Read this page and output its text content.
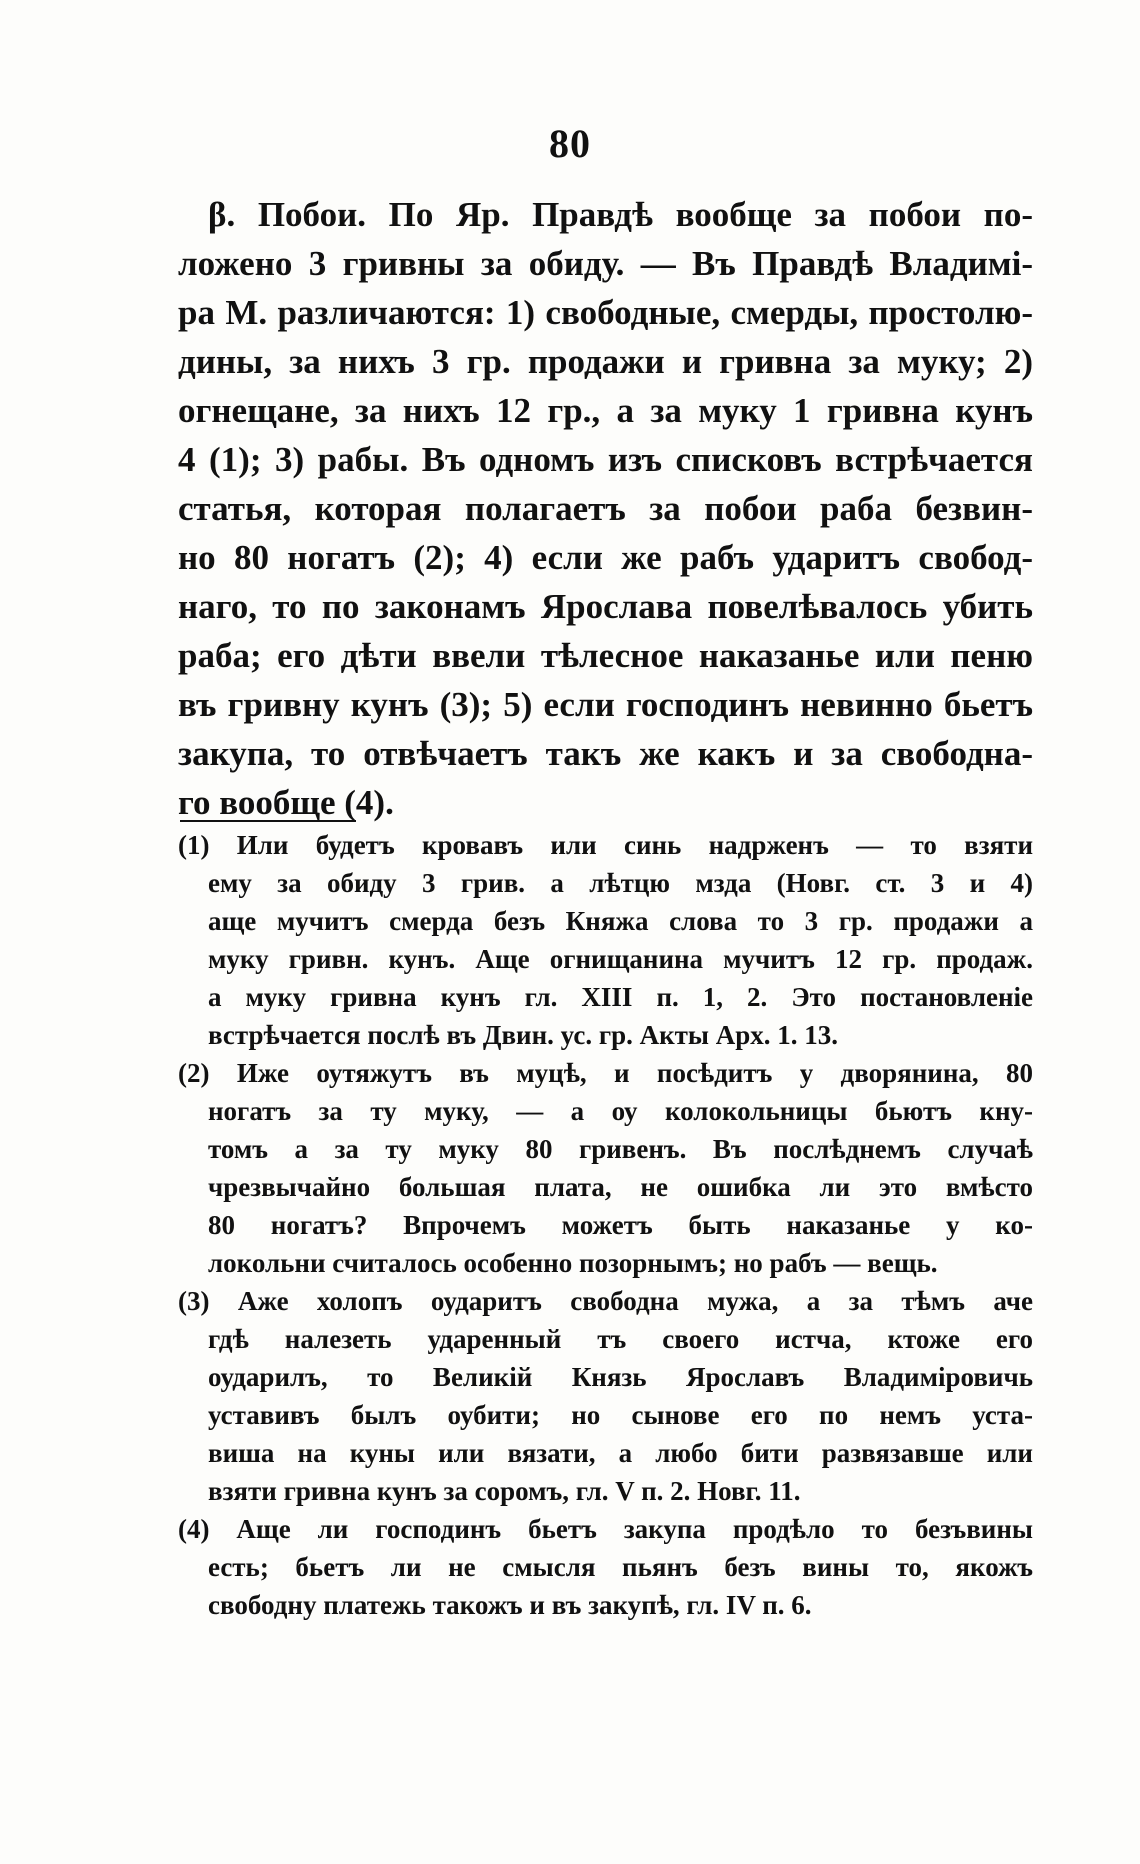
80
β. Побои. По Яр. Правдѣ вообще за побои по-
ложено 3 гривны за обиду. — Въ Правдѣ Владимі-
ра М. различаются: 1) свободные, смерды, простолю-
дины, за нихъ 3 гр. продажи и гривна за муку; 2)
огнещане, за нихъ 12 гр., а за муку 1 гривна кунъ
4 (1); 3) рабы. Въ одномъ изъ списковъ встрѣчается
статья, которая полагаетъ за побои раба безвин-
но 80 ногатъ (2); 4) если же рабъ ударитъ свобод-
наго, то по законамъ Ярослава повелѣвалось убить
раба; его дѣти ввели тѣлесное наказанье или пеню
въ гривну кунъ (3); 5) если господинъ невинно бьетъ
закупа, то отвѣчаетъ такъ же какъ и за свободна-
го вообще (4).
(1) Или будетъ кровавъ или синь надрженъ — то взяти
ему за обиду 3 грив. а лѣтцю мзда (Новг. ст. 3 и 4)
аще мучитъ смерда безъ Княжа слова то 3 гр. продажи а
муку гривн. кунъ. Аще огнищанина мучитъ 12 гр. продаж.
а муку гривна кунъ гл. XIII п. 1, 2. Это постановленіе
встрѣчается послѣ въ Двин. ус. гр. Акты Арх. 1. 13.
(2) Иже оутяжутъ въ муцѣ, и посѣдитъ у дворянина, 80
ногатъ за ту муку, — а оу колокольницы бьютъ кну-
томъ а за ту муку 80 гривенъ. Въ послѣднемъ случаѣ
чрезвычайно большая плата, не ошибка ли это вмѣсто
80 ногатъ? Впрочемъ можетъ быть наказанье у ко-
локольни считалось особенно позорнымъ; но рабъ — вещь.
(3) Аже холопъ оударитъ свободна мужа, а за тѣмъ аче
гдѣ налезеть ударенный тъ своего истча, ктоже его
оударилъ, то Великій Князь Ярославъ Владиміровичь
уставивъ былъ оубити; но сынове его по немъ уста-
виша на куны или вязати, а любо бити развязавше или
взяти гривна кунъ за соромъ, гл. V п. 2. Новг. 11.
(4) Аще ли господинъ бьетъ закупа продѣло то безъвины
есть; бьетъ ли не смысля пьянъ безъ вины то, якожъ
свободну платежь такожъ и въ закупѣ, гл. IV п. 6.
